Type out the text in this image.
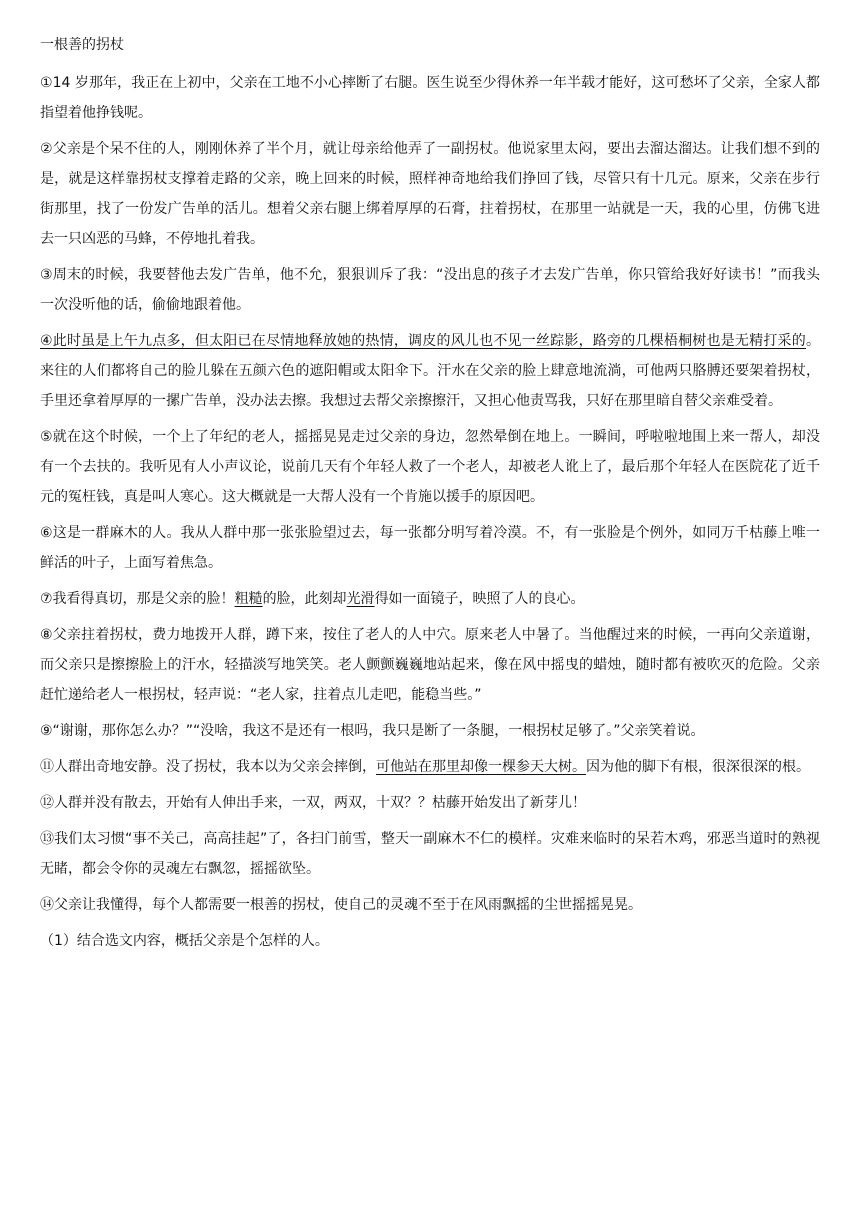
一根善的拐杖

①14 岁那年，我正在上初中，父亲在工地不小心摔断了右腿。医生说至少得休养一年半载才能好，这可愁坏了父亲，全家人都指望着他挣钱呢。

②父亲是个呆不住的人，刚刚休养了半个月，就让母亲给他弄了一副拐杖。他说家里太闷，要出去溜达溜达。让我们想不到的是，就是这样靠拐杖支撑着走路的父亲，晚上回来的时候，照样神奇地给我们挣回了钱，尽管只有十几元。原来，父亲在步行街那里，找了一份发广告单的活儿。想着父亲右腿上绑着厚厚的石膏，拄着拐杖，在那里一站就是一天，我的心里，仿佛飞进去一只凶恶的马蜂，不停地扎着我。

③周末的时候，我要替他去发广告单，他不允，狠狠训斥了我：“没出息的孩子才去发广告单，你只管给我好好读书！”而我头一次没听他的话，偷偷地跟着他。

④此时虽是上午九点多，但太阳已在尽情地释放她的热情，调皮的风儿也不见一丝踪影，路旁的几棵梧桐树也是无精打采的。来往的人们都将自己的脸儿躲在五颜六色的遮阳帽或太阳伞下。汗水在父亲的脸上肆意地流淌，可他两只胳膊还要架着拐杖，手里还拿着厚厚的一摞广告单，没办法去擦。我想过去帮父亲擦擦汗，又担心他责骂我，只好在那里暗自替父亲难受着。

⑤就在这个时候，一个上了年纪的老人，摇摇晃晃走过父亲的身边，忽然晕倒在地上。一瞬间，呼啦啦地围上来一帮人，却没有一个去扶的。我听见有人小声议论，说前几天有个年轻人救了一个老人，却被老人讹上了，最后那个年轻人在医院花了近千元的冤枉钱，真是叫人寒心。这大概就是一大帮人没有一个肯施以援手的原因吧。

⑥这是一群麻木的人。我从人群中那一张张脸望过去，每一张都分明写着冷漠。不，有一张脸是个例外，如同万千枯藤上唯一鲜活的叶子，上面写着焦急。

⑦我看得真切，那是父亲的脸！粗糙的脸，此刻却光滑得如一面镜子，映照了人的良心。

⑧父亲拄着拐杖，费力地拨开人群，蹲下来，按住了老人的人中穴。原来老人中暑了。当他醒过来的时候，一再向父亲道谢，而父亲只是擦擦脸上的汗水，轻描淡写地笑笑。老人颤颤巍巍地站起来，像在风中摇曳的蜡烛，随时都有被吹灭的危险。父亲赶忙递给老人一根拐杖，轻声说：“老人家，拄着点儿走吧，能稳当些。”

⑨“谢谢，那你怎么办？”“没啥，我这不是还有一根吗，我只是断了一条腿，一根拐杖足够了。”父亲笑着说。

⑪人群出奇地安静。没了拐杖，我本以为父亲会摔倒，可他站在那里却像一棵参天大树。因为他的脚下有根，很深很深的根。

⑫人群并没有散去，开始有人伸出手来，一双，两双，十双？？枯藤开始发出了新芽儿！

⑬我们太习惯“事不关己，高高挂起”了，各扫门前雪，整天一副麻木不仁的模样。灾难来临时的呆若木鸡，邪恶当道时的熟视无睹，都会令你的灵魂左右飘忽，摇摇欲坠。

⑭父亲让我懂得，每个人都需要一根善的拐杖，使自己的灵魂不至于在风雨飘摇的尘世摇摇晃晃。

（1）结合选文内容，概括父亲是个怎样的人。
